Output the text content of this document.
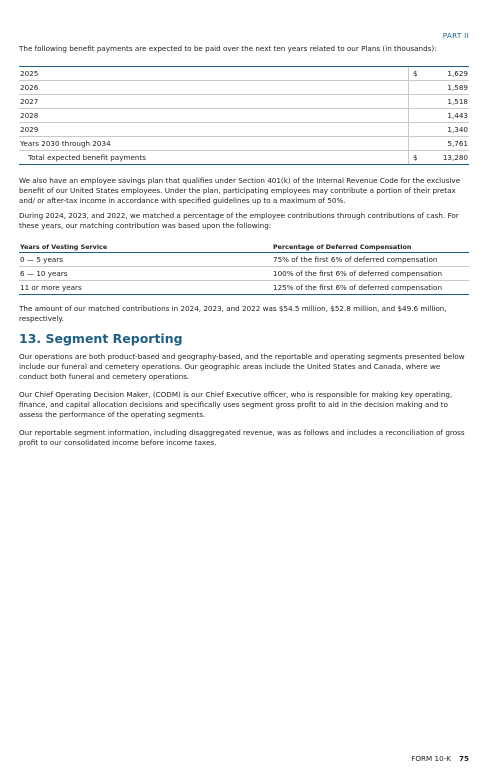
PART II

The following benefit payments are expected to be paid over the next ten years related to our Plans (in thousands):

2025	$	1,629
2026		1,589
2027		1,518
2028		1,443
2029		1,340
Years 2030 through 2034		5,761
Total expected benefit payments	$	13,280

We also have an employee savings plan that qualifies under Section 401(k) of the Internal Revenue Code for the exclusive benefit of our United States employees. Under the plan, participating employees may contribute a portion of their pretax and/ or after-tax income in accordance with specified guidelines up to a maximum of 50%.

During 2024, 2023, and 2022, we matched a percentage of the employee contributions through contributions of cash. For these years, our matching contribution was based upon the following:

Years of Vesting Service	Percentage of Deferred Compensation
0 — 5 years	75% of the first 6% of deferred compensation
6 — 10 years	100% of the first 6% of deferred compensation
11 or more years	125% of the first 6% of deferred compensation

The amount of our matched contributions in 2024, 2023, and 2022 was $54.5 million, $52.8 million, and $49.6 million, respectively.

13. Segment Reporting

Our operations are both product-based and geography-based, and the reportable and operating segments presented below include our funeral and cemetery operations. Our geographic areas include the United States and Canada, where we conduct both funeral and cemetery operations.

Our Chief Operating Decision Maker, (CODM) is our Chief Executive officer, who is responsible for making key operating, finance, and capital allocation decisions and specifically uses segment gross profit to aid in the decision making and to assess the performance of the operating segments.

Our reportable segment information, including disaggregated revenue, was as follows and includes a reconciliation of gross profit to our consolidated income before income taxes.

FORM 10-K 75
